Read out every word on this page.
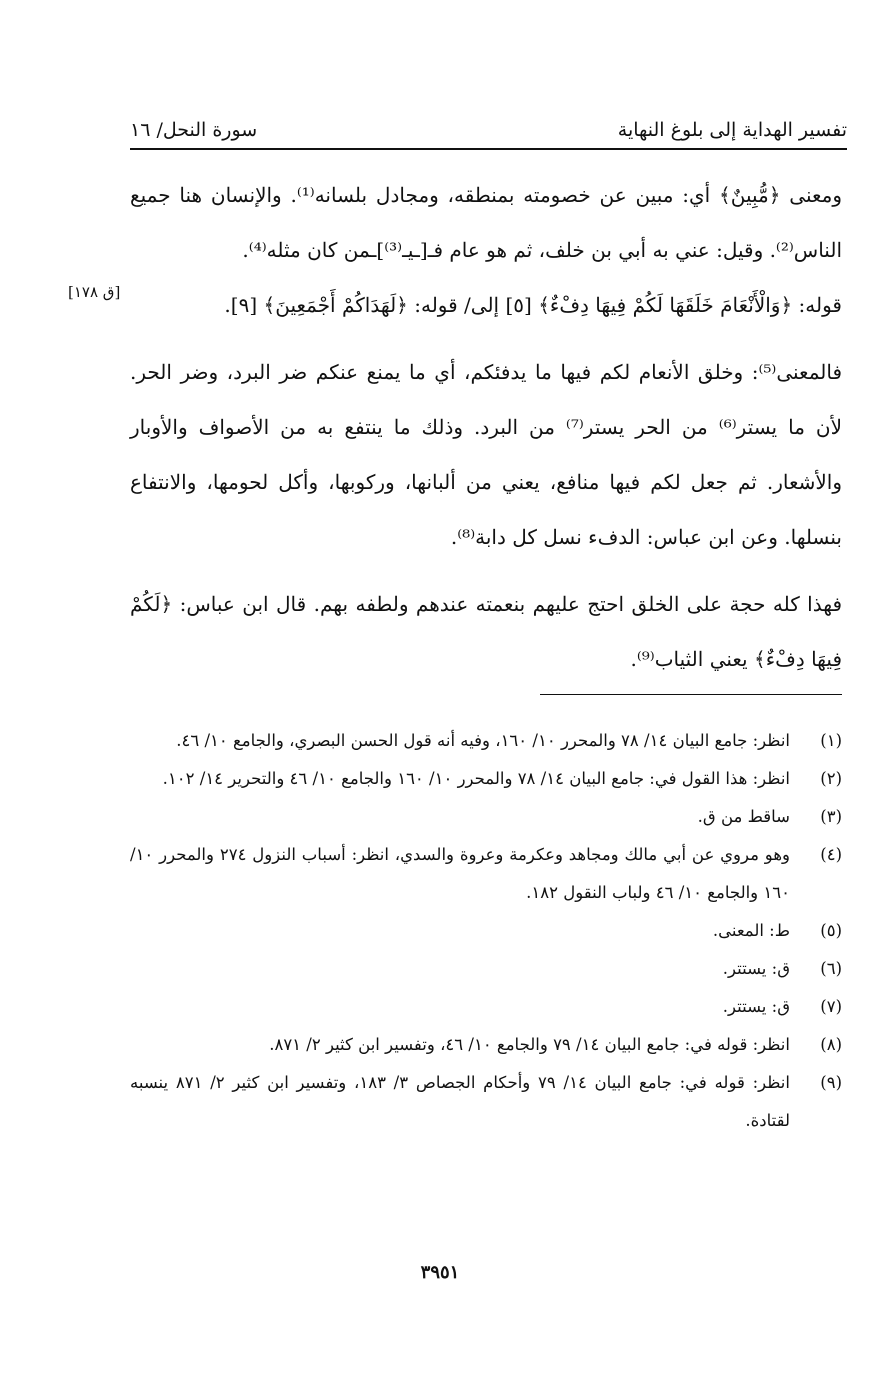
تفسير الهداية إلى بلوغ النهاية
سورة النحل/ ١٦
[ق ١٧٨]

ومعنى ﴿مُّبِينٌ﴾ أي: مبين عن خصومته بمنطقه، ومجادل بلسانه⁽¹⁾. والإنسان هنا جميع الناس⁽²⁾. وقيل: عني به أبي بن خلف، ثم هو عام فـ[ـيـ⁽³⁾]ـمن كان مثله⁽⁴⁾.

قوله: ﴿وَالْأَنْعَامَ خَلَقَهَا لَكُمْ فِيهَا دِفْءٌ﴾ [٥] إلى/ قوله: ﴿لَهَدَاكُمْ أَجْمَعِينَ﴾ [٩].

فالمعنى⁽⁵⁾: وخلق الأنعام لكم فيها ما يدفئكم، أي ما يمنع عنكم ضر البرد، وضر الحر. لأن ما يستر⁽⁶⁾ من الحر يستر⁽⁷⁾ من البرد. وذلك ما ينتفع به من الأصواف والأوبار والأشعار. ثم جعل لكم فيها منافع، يعني من ألبانها، وركوبها، وأكل لحومها، والانتفاع بنسلها. وعن ابن عباس: الدفء نسل كل دابة⁽⁸⁾.

فهذا كله حجة على الخلق احتج عليهم بنعمته عندهم ولطفه بهم. قال ابن عباس: ﴿لَكُمْ فِيهَا دِفْءٌ﴾ يعني الثياب⁽⁹⁾.

(١)
انظر: جامع البيان ١٤/ ٧٨ والمحرر ١٠/ ١٦٠، وفيه أنه قول الحسن البصري، والجامع ١٠/ ٤٦.
(٢)
انظر: هذا القول في: جامع البيان ١٤/ ٧٨ والمحرر ١٠/ ١٦٠ والجامع ١٠/ ٤٦ والتحرير ١٤/ ١٠٢.
(٣)
ساقط من ق.
(٤)
وهو مروي عن أبي مالك ومجاهد وعكرمة وعروة والسدي، انظر: أسباب النزول ٢٧٤ والمحرر ١٠/ ١٦٠ والجامع ١٠/ ٤٦ ولباب النقول ١٨٢.
(٥)
ط: المعنى.
(٦)
ق: يستتر.
(٧)
ق: يستتر.
(٨)
انظر: قوله في: جامع البيان ١٤/ ٧٩ والجامع ١٠/ ٤٦، وتفسير ابن كثير ٢/ ٨٧١.
(٩)
انظر: قوله في: جامع البيان ١٤/ ٧٩ وأحكام الجصاص ٣/ ١٨٣، وتفسير ابن كثير ٢/ ٨٧١ ينسبه لقتادة.
٣٩٥١
